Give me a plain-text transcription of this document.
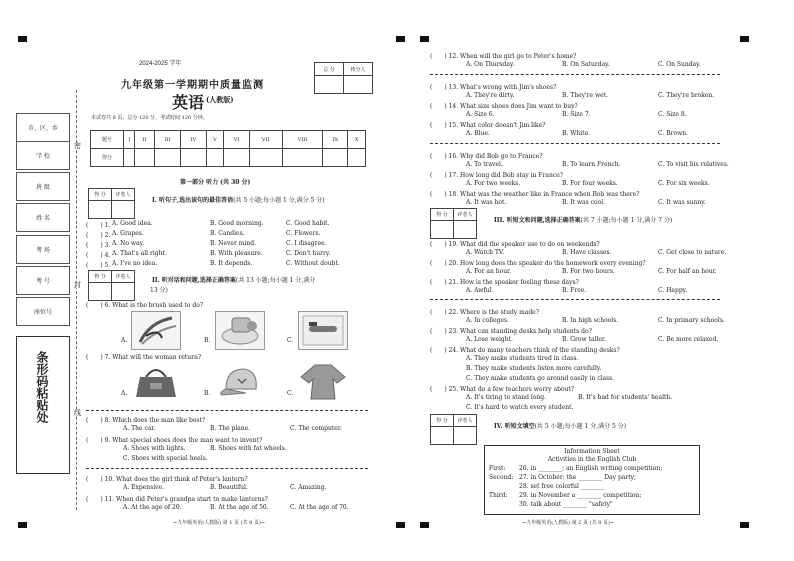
市、区、乡
学 校
班 级
姓 名
考 场
考 号
座位号
条形码粘贴处
密
封
线
2024-2025 学年
九年级第一学期期中质量监测
英语 (人教版)
总 分	核分人

本试卷共 8 页，总分 120 分，考试时间 120 分钟。
题号	I	II	III	IV	V	VI	VII	VIII	IX	X
得分										
第一部分 听力 (共 30 分)
得 分	评卷人

I. 听句子,选出该句的最佳答语(共 5 小题;每小题 1 分,满分 5 分)
(　　) 1. A. Good idea.	B. Good morning.	C. Good habit.
(　　) 2. A. Grapes.	B. Candies.	C. Flowers.
(　　) 3. A. No way.	B. Never mind.	C. I disagree.
(　　) 4. A. That's all right.	B. With pleasure.	C. Don't hurry.
(　　) 5. A. I've no idea.	B. It depends.	C. Without doubt.
得 分	评卷人
		II. 听对话和问题,选择正确答案(共 13 小题;每小题 1 分,满分
13 分)
(　　) 6. What is the brush used to do?
A.	B.	C.
(　　) 7. What will the woman return?
A.	B.	C.
(　　) 8. Which does the man like best?
A. The car.	B. The plane.	C. The computer.
(　　) 9. What special shoes does the man want to invent?
A. Shoes with lights.	B. Shoes with fat wheels.
C. Shoes with special heels.
(　　) 10. What does the girl think of Peter's lantern?
A. Expensive.	B. Beautiful.	C. Amazing.
(　　) 11. When did Peter's grandpa start to make lanterns?
A. At the age of 20.	B. At the age of 50.	C. At the age of 70.
~九年级英语(人教版) 第 1 页 (共 8 页)~
(　　) 12. When will the girl go to Peter's home?
A. On Thursday.	B. On Saturday.	C. On Sunday.
(　　) 13. What's wrong with Jim's shoes?
A. They're dirty.	B. They're wet.	C. They're broken.
(　　) 14. What size shoes does Jim want to buy?
A. Size 6.	B. Size 7.	C. Size 8.
(　　) 15. What color doesn't Jim like?
A. Blue.	B. White.	C. Brown.
(　　) 16. Why did Bob go to France?
A. To travel.	B. To learn French.	C. To visit his relatives.
(　　) 17. How long did Bob stay in France?
A. For two weeks.	B. For four weeks.	C. For six weeks.
(　　) 18. What was the weather like in France when Bob was there?
A. It was hot.	B. It was cool.	C. It was sunny.
得 分	评卷人

III. 听短文和问题,选择正确答案(共 7 小题;每小题 1 分,满分 7 分)
(　　) 19. What did the speaker use to do on weekends?
A. Watch TV.	B. Have classes.	C. Get close to nature.
(　　) 20. How long does the speaker do the homework every evening?
A. For an hour.	B. For two hours.	C. For half an hour.
(　　) 21. How is the speaker feeling these days?
A. Awful.	B. Free.	C. Happy.
(　　) 22. Where is the study made?
A. In colleges.	B. In high schools.	C. In primary schools.
(　　) 23. What can standing desks help students do?
A. Lose weight.	B. Grow taller.	C. Be more relaxed.
(　　) 24. What do many teachers think of the standing desks?
A. They make students tired in class.
B. They make students listen more carefully.
C. They make students go around easily in class.
(　　) 25. What do a few teachers worry about?
A. It's tiring to stand long.	B. It's bad for students' health.
C. It's hard to watch every student.
得 分	评卷人

IV. 听短文填空(共 5 小题;每小题 1 分,满分 5 分)
Information Sheet
Activities in the English Club
First: 26. in ________; an English writing competition;
Second: 27. in October: the ________ Day party;
28. set free colorful ________
Third: 29. in November a ________ competition;
30. talk about ________ "safety"
~九年级英语(人教版) 第 2 页 (共 8 页)~
